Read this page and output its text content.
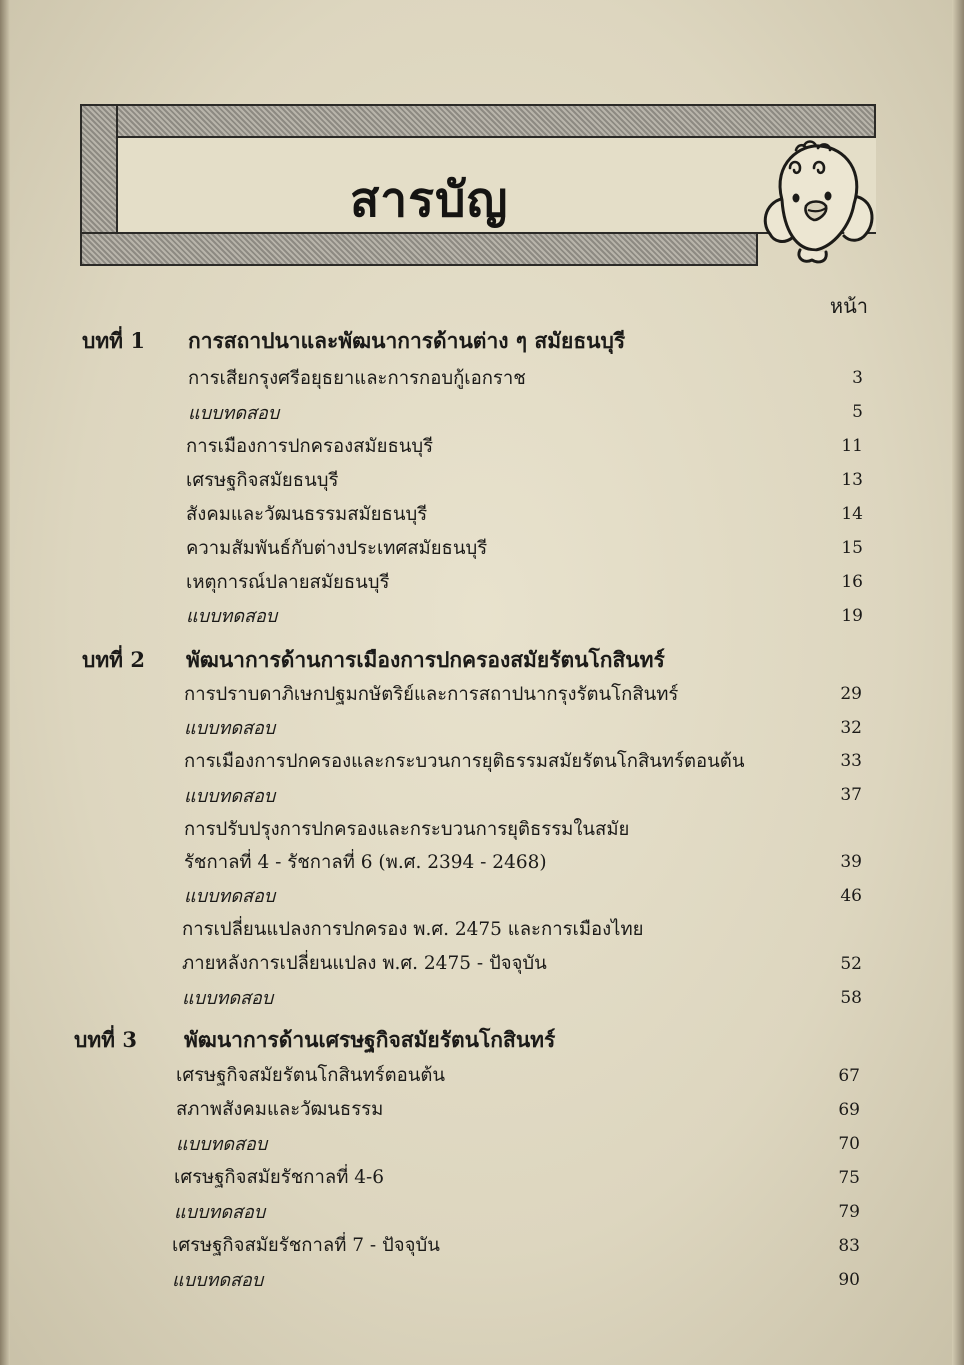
สารบัญ
หน้า
บทที่ 1 การสถาปนาและพัฒนาการด้านต่าง ๆ สมัยธนบุรี
การเสียกรุงศรีอยุธยาและการกอบกู้เอกราช	3
แบบทดสอบ	5
การเมืองการปกครองสมัยธนบุรี	11
เศรษฐกิจสมัยธนบุรี	13
สังคมและวัฒนธรรมสมัยธนบุรี	14
ความสัมพันธ์กับต่างประเทศสมัยธนบุรี	15
เหตุการณ์ปลายสมัยธนบุรี	16
แบบทดสอบ	19
บทที่ 2 พัฒนาการด้านการเมืองการปกครองสมัยรัตนโกสินทร์
การปราบดาภิเษกปฐมกษัตริย์และการสถาปนากรุงรัตนโกสินทร์	29
แบบทดสอบ	32
การเมืองการปกครองและกระบวนการยุติธรรมสมัยรัตนโกสินทร์ตอนต้น	33
แบบทดสอบ	37
การปรับปรุงการปกครองและกระบวนการยุติธรรมในสมัย
รัชกาลที่ 4 - รัชกาลที่ 6 (พ.ศ. 2394 - 2468)	39
แบบทดสอบ	46
การเปลี่ยนแปลงการปกครอง พ.ศ. 2475 และการเมืองไทย
ภายหลังการเปลี่ยนแปลง พ.ศ. 2475 - ปัจจุบัน	52
แบบทดสอบ	58
บทที่ 3 พัฒนาการด้านเศรษฐกิจสมัยรัตนโกสินทร์
เศรษฐกิจสมัยรัตนโกสินทร์ตอนต้น	67
สภาพสังคมและวัฒนธรรม	69
แบบทดสอบ	70
เศรษฐกิจสมัยรัชกาลที่ 4-6	75
แบบทดสอบ	79
เศรษฐกิจสมัยรัชกาลที่ 7 - ปัจจุบัน	83
แบบทดสอบ	90
